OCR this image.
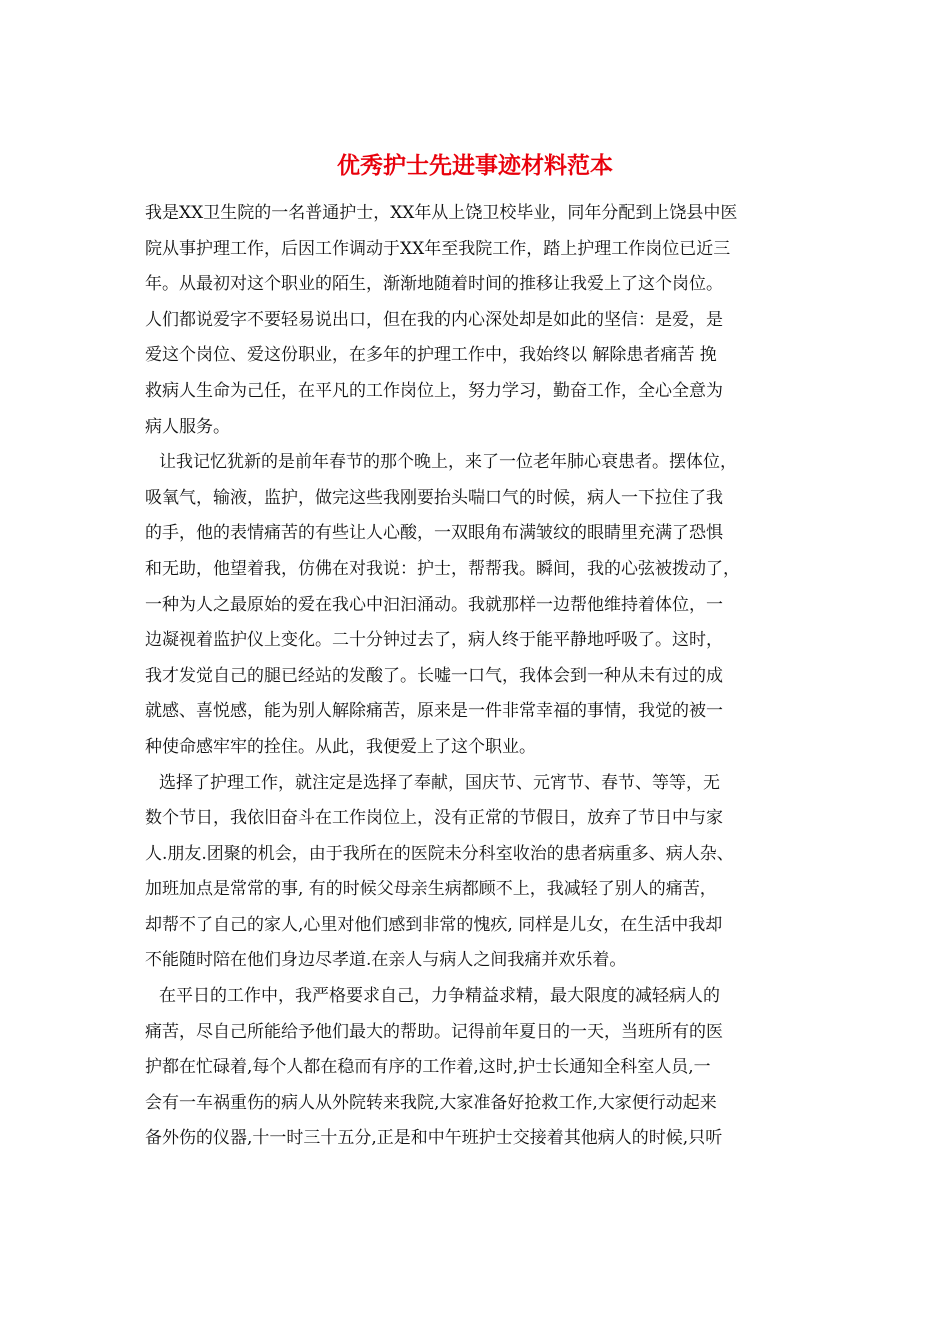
优秀护士先进事迹材料范本
我是XX卫生院的一名普通护士，XX年从上饶卫校毕业，同年分配到上饶县中医
院从事护理工作，后因工作调动于XX年至我院工作，踏上护理工作岗位已近三
年。从最初对这个职业的陌生，渐渐地随着时间的推移让我爱上了这个岗位。
人们都说爱字不要轻易说出口，但在我的内心深处却是如此的坚信：是爱，是
爱这个岗位、爱这份职业，在多年的护理工作中，我始终以 解除患者痛苦 挽
救病人生命为己任，在平凡的工作岗位上，努力学习，勤奋工作，全心全意为
病人服务。
让我记忆犹新的是前年春节的那个晚上，来了一位老年肺心衰患者。摆体位，
吸氧气，输液，监护，做完这些我刚要抬头喘口气的时候，病人一下拉住了我
的手，他的表情痛苦的有些让人心酸，一双眼角布满皱纹的眼睛里充满了恐惧
和无助，他望着我，仿佛在对我说：护士，帮帮我。瞬间，我的心弦被拨动了，
一种为人之最原始的爱在我心中汩汩涌动。我就那样一边帮他维持着体位，一
边凝视着监护仪上变化。二十分钟过去了，病人终于能平静地呼吸了。这时，
我才发觉自己的腿已经站的发酸了。长嘘一口气，我体会到一种从未有过的成
就感、喜悦感，能为别人解除痛苦，原来是一件非常幸福的事情，我觉的被一
种使命感牢牢的拴住。从此，我便爱上了这个职业。
选择了护理工作，就注定是选择了奉献，国庆节、元宵节、春节、等等，无
数个节日，我依旧奋斗在工作岗位上，没有正常的节假日，放弃了节日中与家
人.朋友.团聚的机会，由于我所在的医院未分科室收治的患者病重多、病人杂、
加班加点是常常的事, 有的时候父母亲生病都顾不上，我减轻了别人的痛苦，
却帮不了自己的家人,心里对他们感到非常的愧疚, 同样是儿女，在生活中我却
不能随时陪在他们身边尽孝道.在亲人与病人之间我痛并欢乐着。
在平日的工作中，我严格要求自己，力争精益求精，最大限度的减轻病人的
痛苦，尽自己所能给予他们最大的帮助。记得前年夏日的一天，当班所有的医
护都在忙碌着,每个人都在稳而有序的工作着,这时,护士长通知全科室人员,一
会有一车祸重伤的病人从外院转来我院,大家准备好抢救工作,大家便行动起来
备外伤的仪器,十一时三十五分,正是和中午班护士交接着其他病人的时候,只听
